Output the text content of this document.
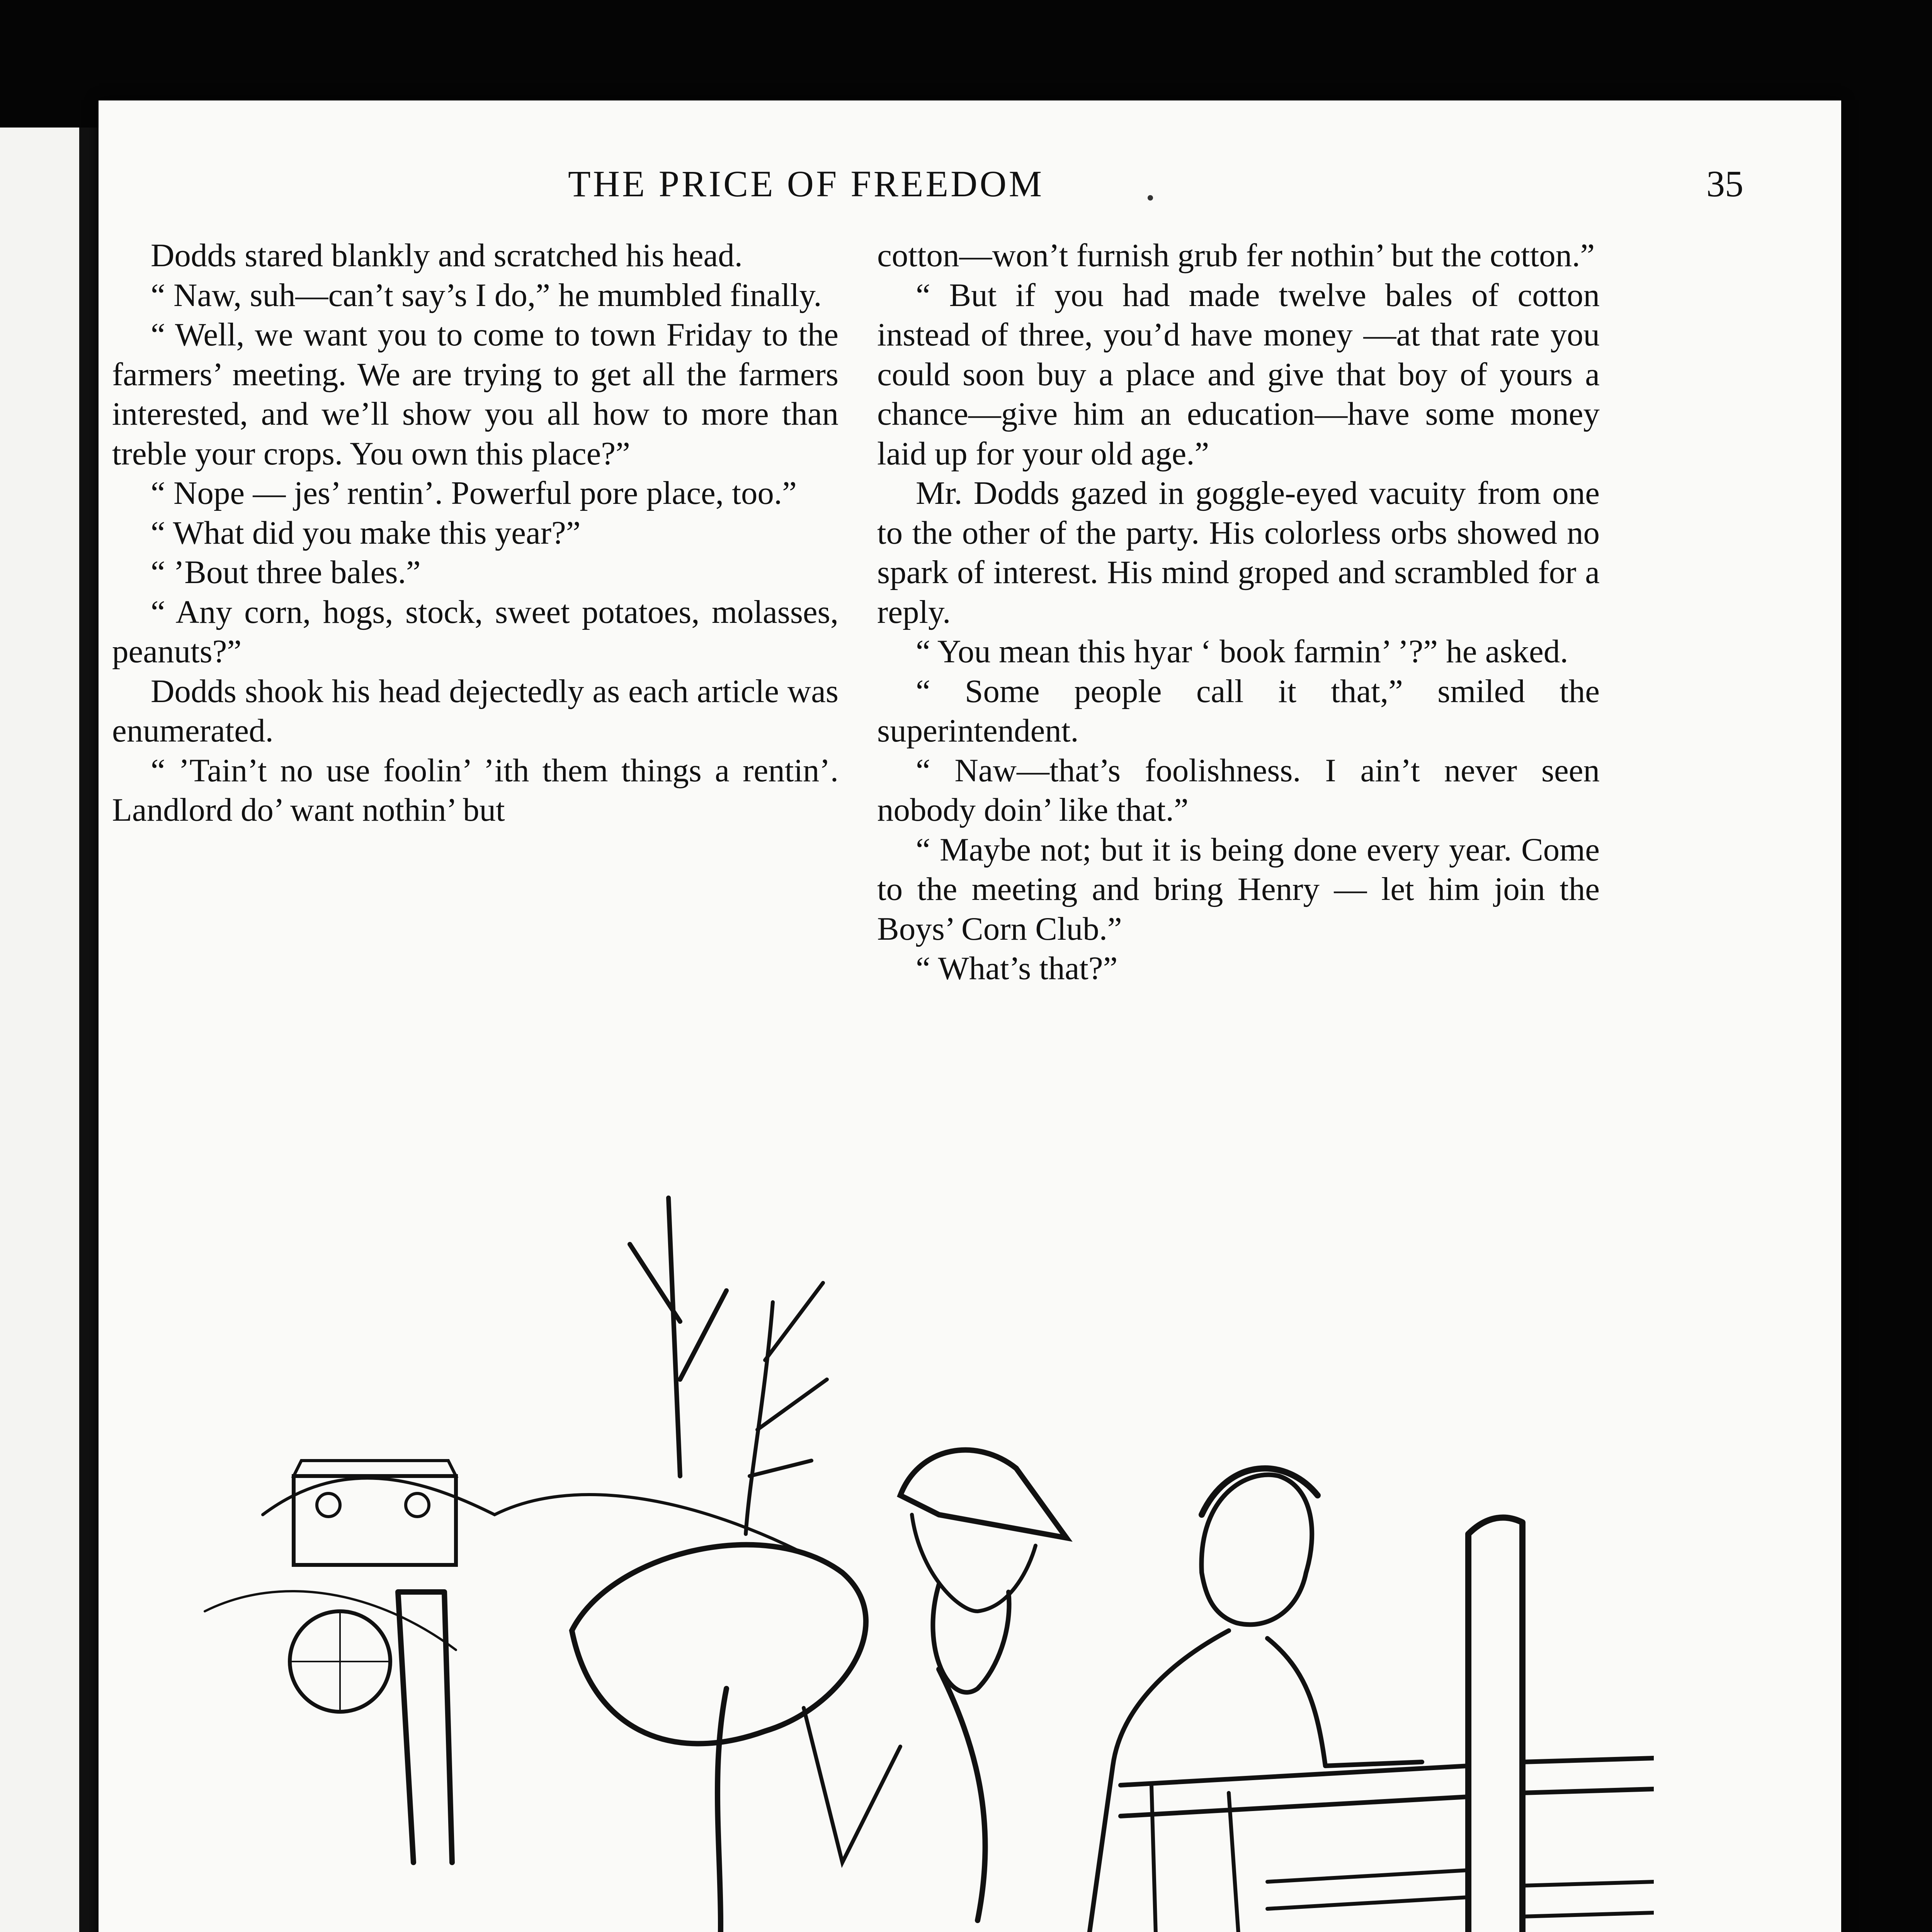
THE PRICE OF FREEDOM	35

Dodds stared blankly and scratched his head.

“ Naw, suh—can’t say’s I do,” he mumbled finally.

“ Well, we want you to come to town Friday to the farmers’ meeting. We are trying to get all the farmers interested, and we’ll show you all how to more than treble your crops. You own this place?”

“ Nope — jes’ rentin’. Powerful pore place, too.”

“ What did you make this year?”

“ ’Bout three bales.”

“ Any corn, hogs, stock, sweet potatoes, molasses, peanuts?”

Dodds shook his head dejectedly as each article was enumerated.

“ ’Tain’t no use foolin’ ’ith them things a rentin’. Landlord do’ want nothin’ but

cotton—won’t furnish grub fer nothin’ but the cotton.”

“ But if you had made twelve bales of cotton instead of three, you’d have money —at that rate you could soon buy a place and give that boy of yours a chance—give him an education—have some money laid up for your old age.”

Mr. Dodds gazed in goggle-eyed vacuity from one to the other of the party. His colorless orbs showed no spark of interest. His mind groped and scrambled for a reply.

“ You mean this hyar ‘ book farmin’ ’?” he asked.

“ Some people call it that,” smiled the superintendent.

“ Naw—that’s foolishness. I ain’t never seen nobody doin’ like that.”

“ Maybe not; but it is being done every year. Come to the meeting and bring Henry — let him join the Boys’ Corn Club.”

“ What’s that?”
